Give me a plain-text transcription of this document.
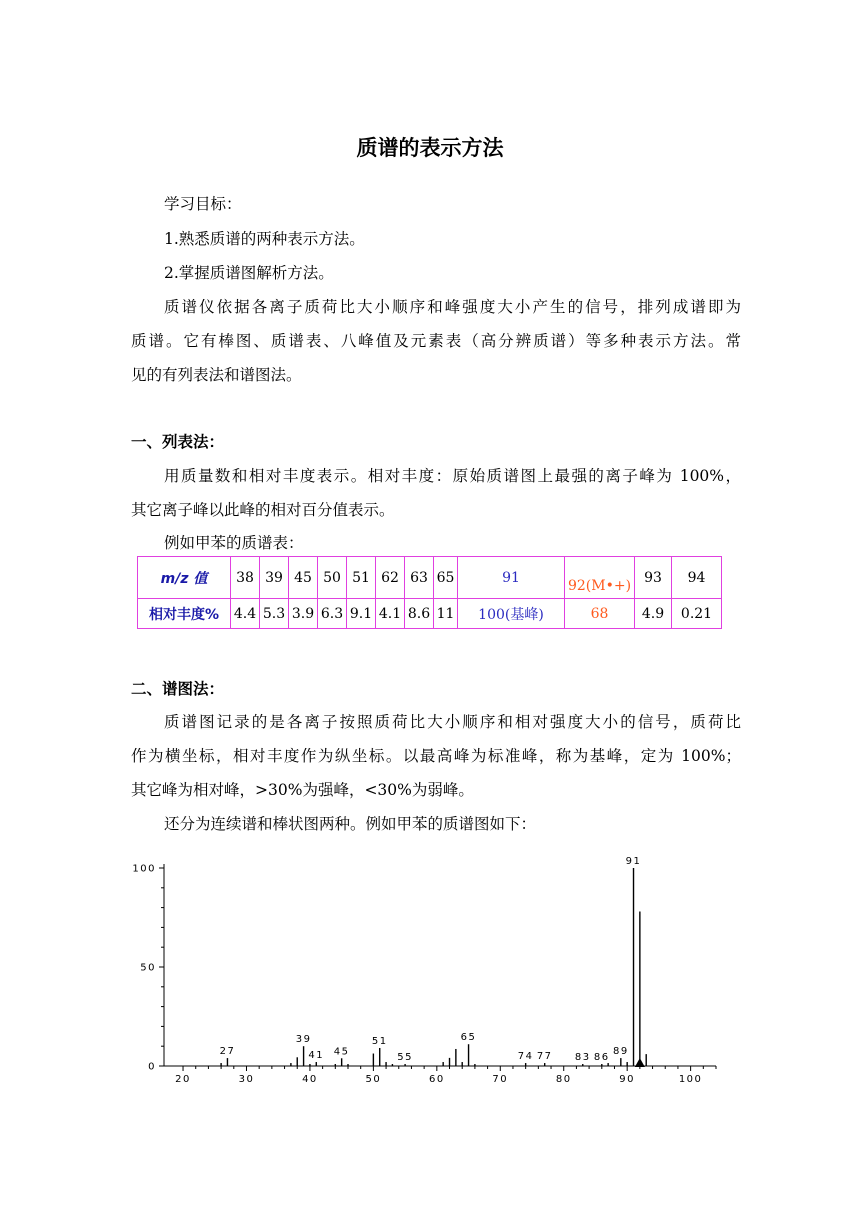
质谱的表示方法
学习目标：
1.熟悉质谱的两种表示方法。
2.掌握质谱图解析方法。
质谱仪依据各离子质荷比大小顺序和峰强度大小产生的信号，排列成谱即为
质谱。它有棒图、质谱表、八峰值及元素表（高分辨质谱）等多种表示方法。常
见的有列表法和谱图法。
一、列表法：
用质量数和相对丰度表示。相对丰度：原始质谱图上最强的离子峰为 100%，
其它离子峰以此峰的相对百分值表示。
例如甲苯的质谱表：
m/z 值	38	39	45	50	51	62	63	65	91	92(M•+)	93	94
相对丰度%	4.4	5.3	3.9	6.3	9.1	4.1	8.6	11	100(基峰)	68	4.9	0.21
二、谱图法：
质谱图记录的是各离子按照质荷比大小顺序和相对强度大小的信号，质荷比
作为横坐标，相对丰度作为纵坐标。以最高峰为标准峰，称为基峰，定为 100%；
其它峰为相对峰，>30%为强峰，<30%为弱峰。
还分为连续谱和棒状图两种。例如甲苯的质谱图如下：
0
50
100
20	30	40	50	60	70	80	90	100
27
39
41 45
51
55
65
74 77 83 86
89
91
